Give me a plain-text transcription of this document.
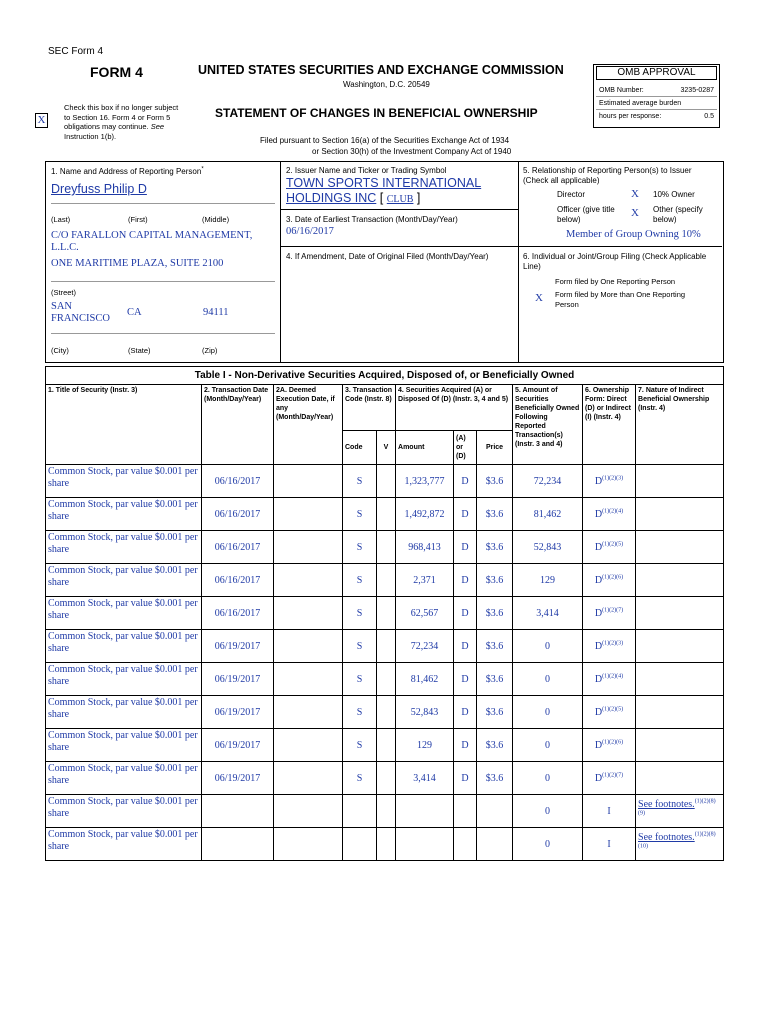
SEC Form 4
FORM 4	UNITED STATES SECURITIES AND EXCHANGE COMMISSION
Washington, D.C. 20549
STATEMENT OF CHANGES IN BENEFICIAL OWNERSHIP
Filed pursuant to Section 16(a) of the Securities Exchange Act of 1934
or Section 30(h) of the Investment Company Act of 1940
X
Check this box if no longer subject
to Section 16. Form 4 or Form 5
obligations may continue. See
Instruction 1(b).
OMB APPROVAL
OMB Number:	3235-0287
Estimated average burden
hours per response:	0.5
1. Name and Address of Reporting Person*
Dreyfuss Philip D
(Last)	(First)	(Middle)
C/O FARALLON CAPITAL MANAGEMENT,
L.L.C.
ONE MARITIME PLAZA, SUITE 2100
(Street)
SAN
FRANCISCO
CA	94111
(City)	(State)	(Zip)
2. Issuer Name and Ticker or Trading Symbol
TOWN SPORTS INTERNATIONAL
HOLDINGS INC [ CLUB ]
3. Date of Earliest Transaction (Month/Day/Year)
06/16/2017
4. If Amendment, Date of Original Filed (Month/Day/Year)
5. Relationship of Reporting Person(s) to Issuer
(Check all applicable)
Director	X 10% Owner
Officer (give title
below)
X Other (specify
below)
Member of Group Owning 10%
6. Individual or Joint/Group Filing (Check Applicable
Line)
Form filed by One Reporting Person
X Form filed by More than One Reporting
Person
Table I - Non-Derivative Securities Acquired, Disposed of, or Beneficially Owned
1. Title of Security (Instr. 3)	2. Transaction Date (Month/Day/Year)	2A. Deemed Execution Date, if any (Month/Day/Year)	3. Transaction Code (Instr. 8)		4. Securities Acquired (A) or Disposed Of (D) (Instr. 3, 4 and 5)			5. Amount of Securities Beneficially Owned Following Reported Transaction(s) (Instr. 3 and 4)	6. Ownership Form: Direct (D) or Indirect (I) (Instr. 4)	7. Nature of Indirect Beneficial Ownership (Instr. 4)
			Code	V	Amount	(A) or (D)	Price			
Common Stock, par value $0.001 per share	06/16/2017		S		1,323,777	D	$3.6	72,234	$D^{(1)(2)(3)}$	
Common Stock, par value $0.001 per share	06/16/2017		S		1,492,872	D	$3.6	81,462	$D^{(1)(2)(4)}$	
Common Stock, par value $0.001 per share	06/16/2017		S		968,413	D	$3.6	52,843	$D^{(1)(2)(5)}$	
Common Stock, par value $0.001 per share	06/16/2017		S		2,371	D	$3.6	129	$D^{(1)(2)(6)}$	
Common Stock, par value $0.001 per share	06/16/2017		S		62,567	D	$3.6	3,414	$D^{(1)(2)(7)}$	
Common Stock, par value $0.001 per share	06/19/2017		S		72,234	D	$3.6	0	$D^{(1)(2)(3)}$	
Common Stock, par value $0.001 per share	06/19/2017		S		81,462	D	$3.6	0	$D^{(1)(2)(4)}$	
Common Stock, par value $0.001 per share	06/19/2017		S		52,843	D	$3.6	0	$D^{(1)(2)(5)}$	
Common Stock, par value $0.001 per share	06/19/2017		S		129	D	$3.6	0	$D^{(1)(2)(6)}$	
Common Stock, par value $0.001 per share	06/19/2017		S		3,414	D	$3.6	0	$D^{(1)(2)(7)}$	
Common Stock, par value $0.001 per share								0	I	See footnotes.$^{(1)(2)(8)(9)}$
Common Stock, par value $0.001 per share								0	I	See footnotes.$^{(1)(2)(8)(10)}$
